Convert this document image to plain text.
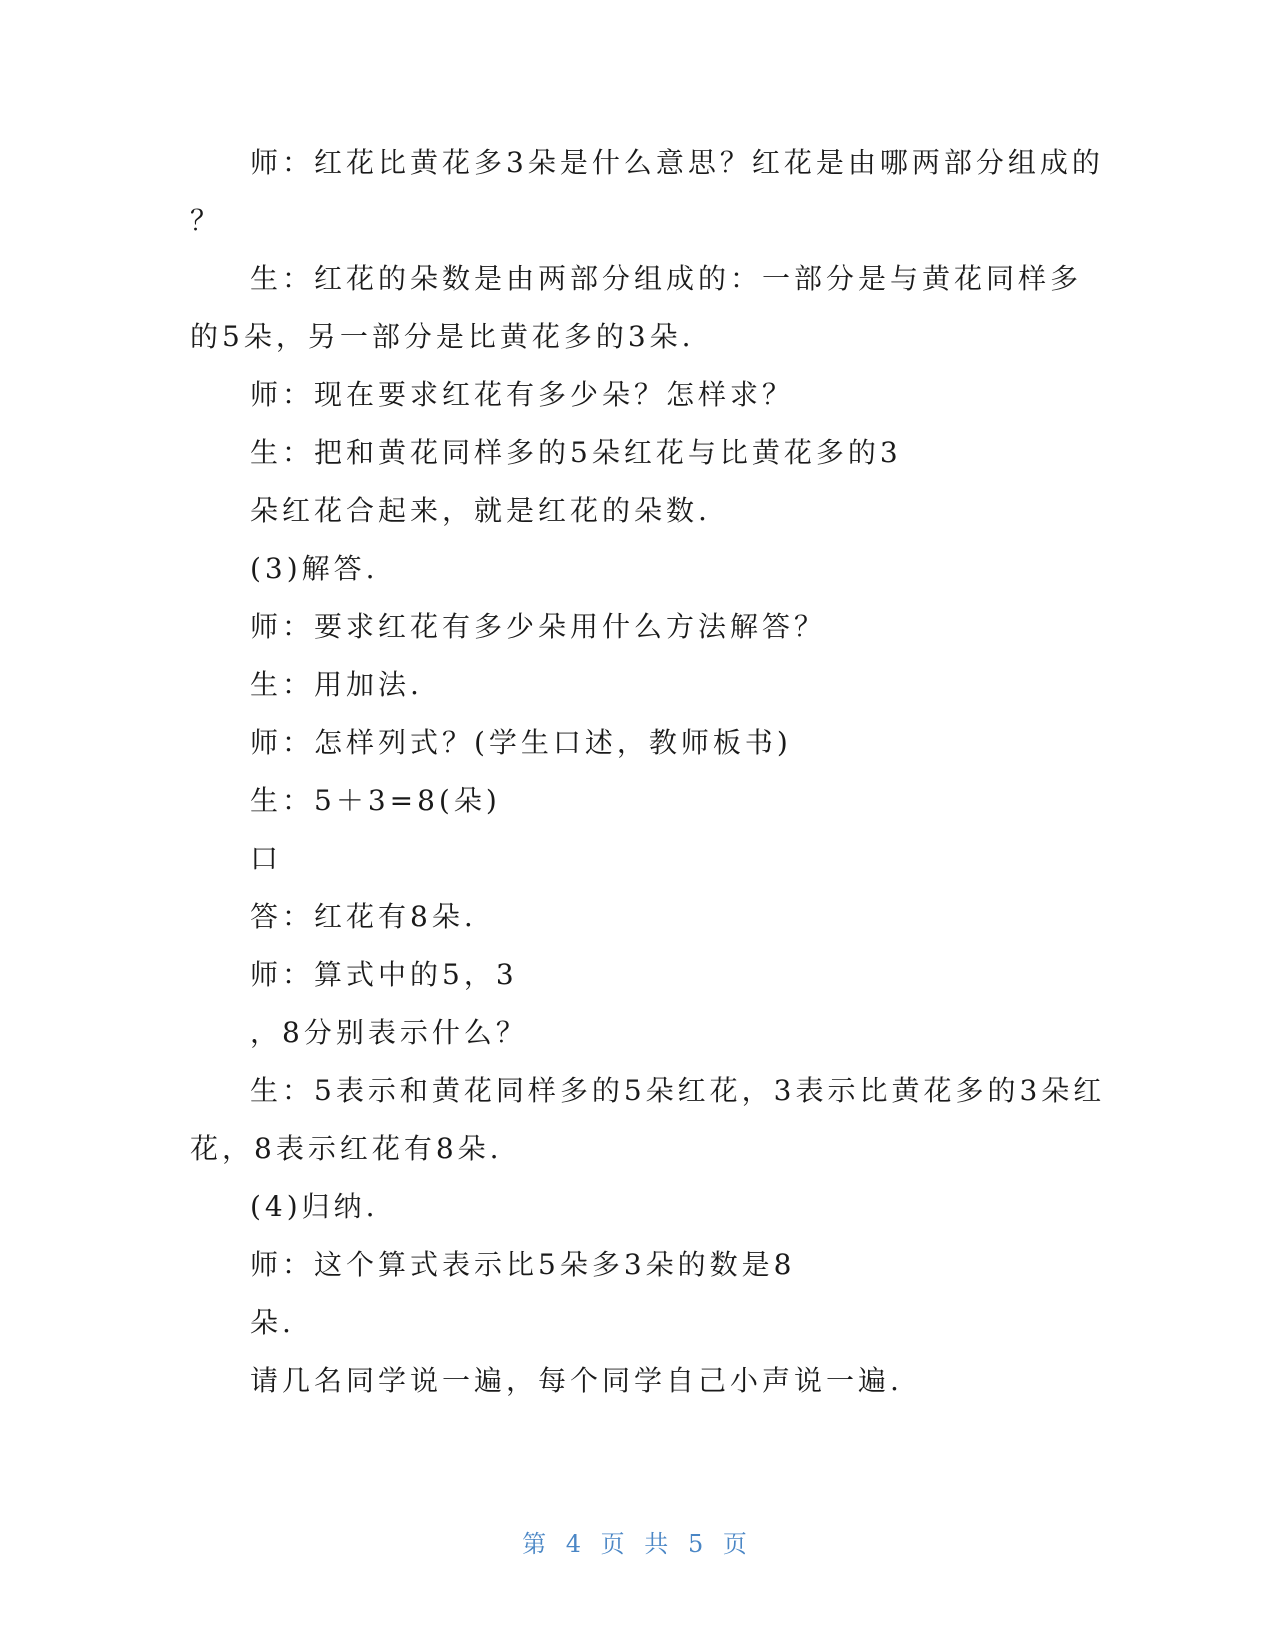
师：红花比黄花多3朵是什么意思？红花是由哪两部分组成的
？
生：红花的朵数是由两部分组成的：一部分是与黄花同样多
的5朵，另一部分是比黄花多的3朵.
师：现在要求红花有多少朵？怎样求？
生：把和黄花同样多的5朵红花与比黄花多的3
朵红花合起来，就是红花的朵数.
(3)解答.
师：要求红花有多少朵用什么方法解答？
生：用加法.
师：怎样列式？(学生口述，教师板书)
生：5＋3=8(朵)
口
答：红花有8朵.
师：算式中的5，3
，8分别表示什么？
生：5表示和黄花同样多的5朵红花，3表示比黄花多的3朵红
花，8表示红花有8朵.
(4)归纳.
师：这个算式表示比5朵多3朵的数是8
朵.
请几名同学说一遍，每个同学自己小声说一遍.
第 4 页 共 5 页
